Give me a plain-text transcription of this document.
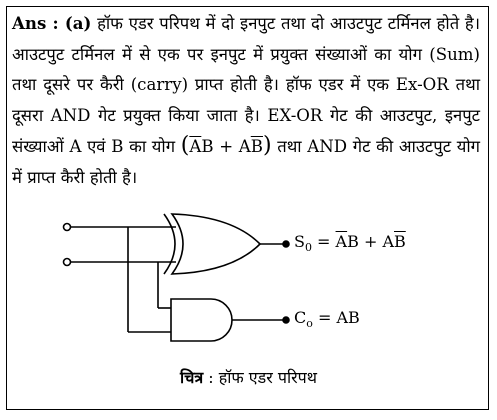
Ans : (a) हॉफ एडर परिपथ में दो इनपुट तथा दो आउटपुट टर्मिनल होते है। आउटपुट टर्मिनल में से एक पर इनपुट में प्रयुक्त संख्याओं का योग (Sum) तथा दूसरे पर कैरी (carry) प्राप्त होती है। हॉफ एडर में एक Ex-OR तथा दूसरा AND गेट प्रयुक्त किया जाता है। EX-OR गेट की आउटपुट, इनपुट संख्याओं A एवं B का योग $(\overline{A}B + A\overline{B})$ तथा AND गेट की आउटपुट योग में प्राप्त कैरी होती है।
$S_0 = \overline{A}B + A\overline{B}$
$C_o$ = AB
चित्र : हॉफ एडर परिपथ
